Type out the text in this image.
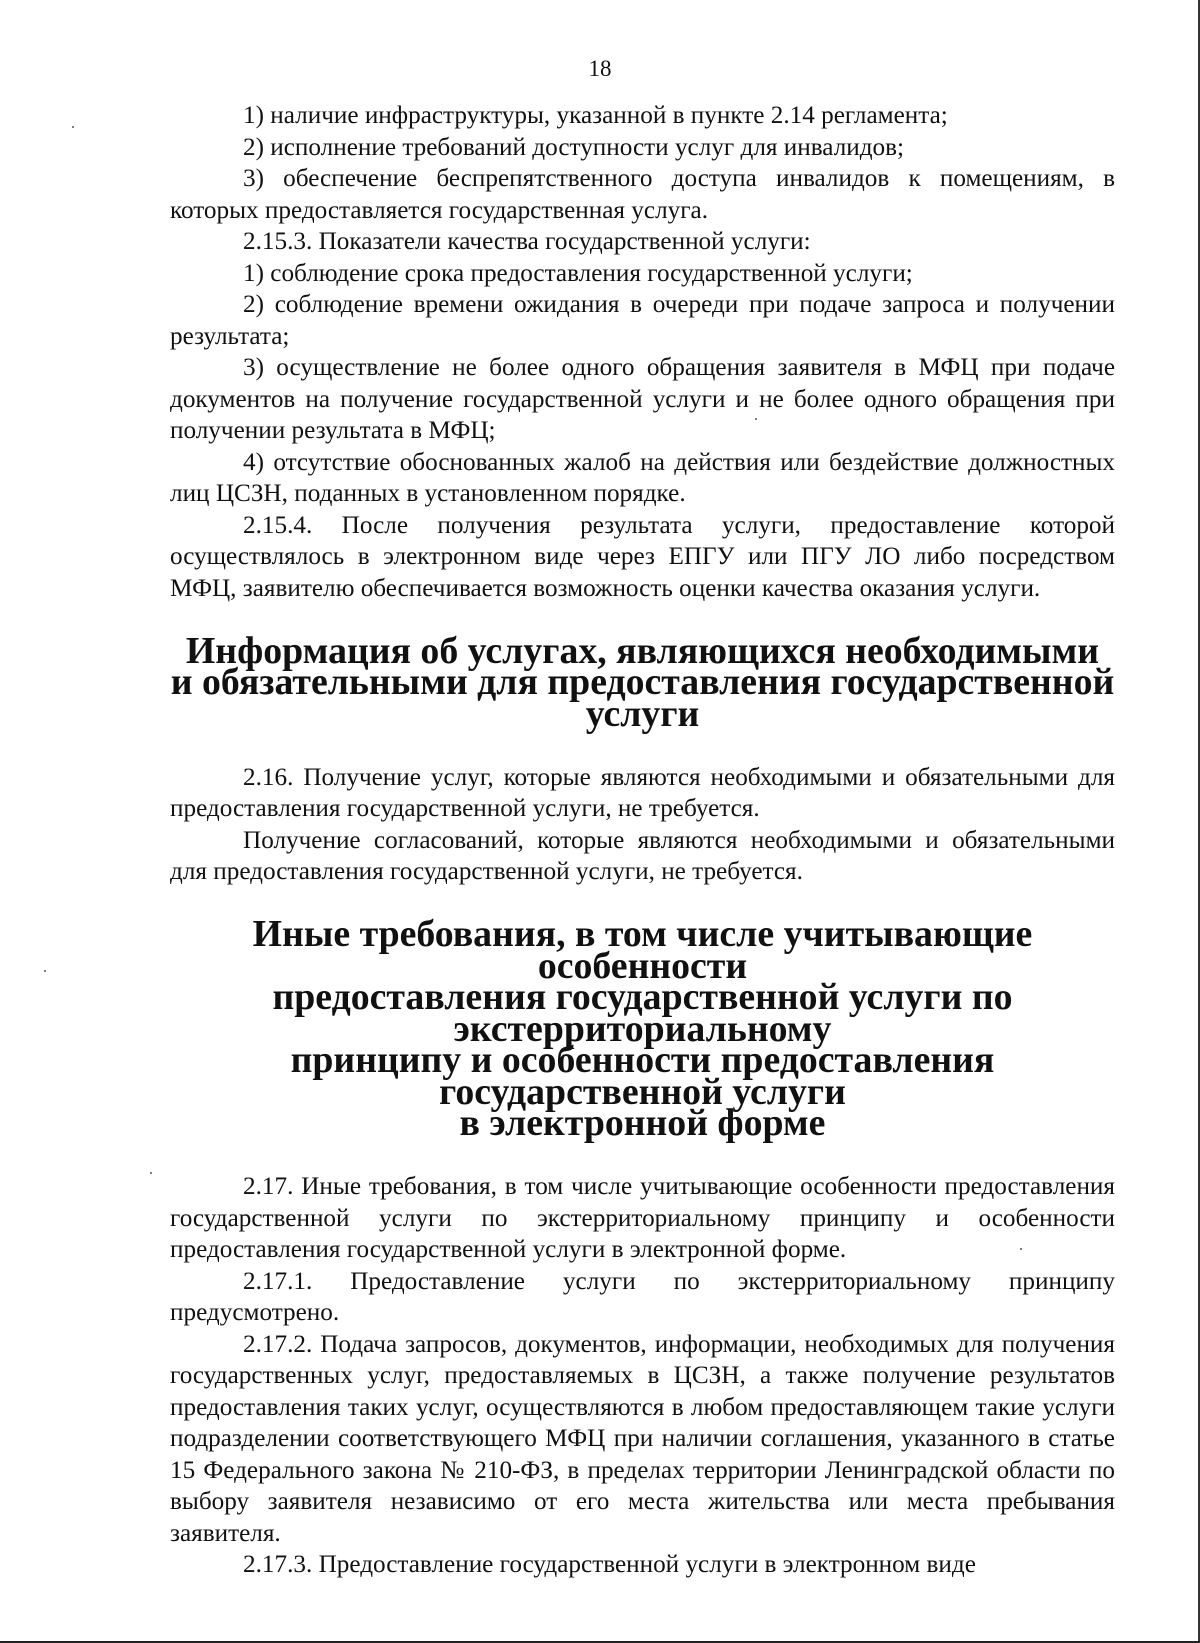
18

1) наличие инфраструктуры, указанной в пункте 2.14 регламента;

2) исполнение требований доступности услуг для инвалидов;

3) обеспечение беспрепятственного доступа инвалидов к помещениям, в которых предоставляется государственная услуга.

2.15.3. Показатели качества государственной услуги:

1) соблюдение срока предоставления государственной услуги;

2) соблюдение времени ожидания в очереди при подаче запроса и получении результата;

3) осуществление не более одного обращения заявителя в МФЦ при подаче документов на получение государственной услуги и не более одного обращения при получении результата в МФЦ;

4) отсутствие обоснованных жалоб на действия или бездействие должностных лиц ЦСЗН, поданных в установленном порядке.

2.15.4. После получения результата услуги, предоставление которой осуществлялось в электронном виде через ЕПГУ или ПГУ ЛО либо посредством МФЦ, заявителю обеспечивается возможность оценки качества оказания услуги.

Информация об услугах, являющихся необходимыми
и обязательными для предоставления государственной услуги

2.16. Получение услуг, которые являются необходимыми и обязательными для предоставления государственной услуги, не требуется.

Получение согласований, которые являются необходимыми и обязательными для предоставления государственной услуги, не требуется.

Иные требования, в том числе учитывающие особенности
предоставления государственной услуги по экстерриториальному
принципу и особенности предоставления государственной услуги
в электронной форме

2.17. Иные требования, в том числе учитывающие особенности предоставления государственной услуги по экстерриториальному принципу и особенности предоставления государственной услуги в электронной форме.

2.17.1. Предоставление услуги по экстерриториальному принципу предусмотрено.

2.17.2. Подача запросов, документов, информации, необходимых для получения государственных услуг, предоставляемых в ЦСЗН, а также получение результатов предоставления таких услуг, осуществляются в любом предоставляющем такие услуги подразделении соответствующего МФЦ при наличии соглашения, указанного в статье 15 Федерального закона № 210-ФЗ, в пределах территории Ленинградской области по выбору заявителя независимо от его места жительства или места пребывания заявителя.

2.17.3. Предоставление государственной услуги в электронном виде
